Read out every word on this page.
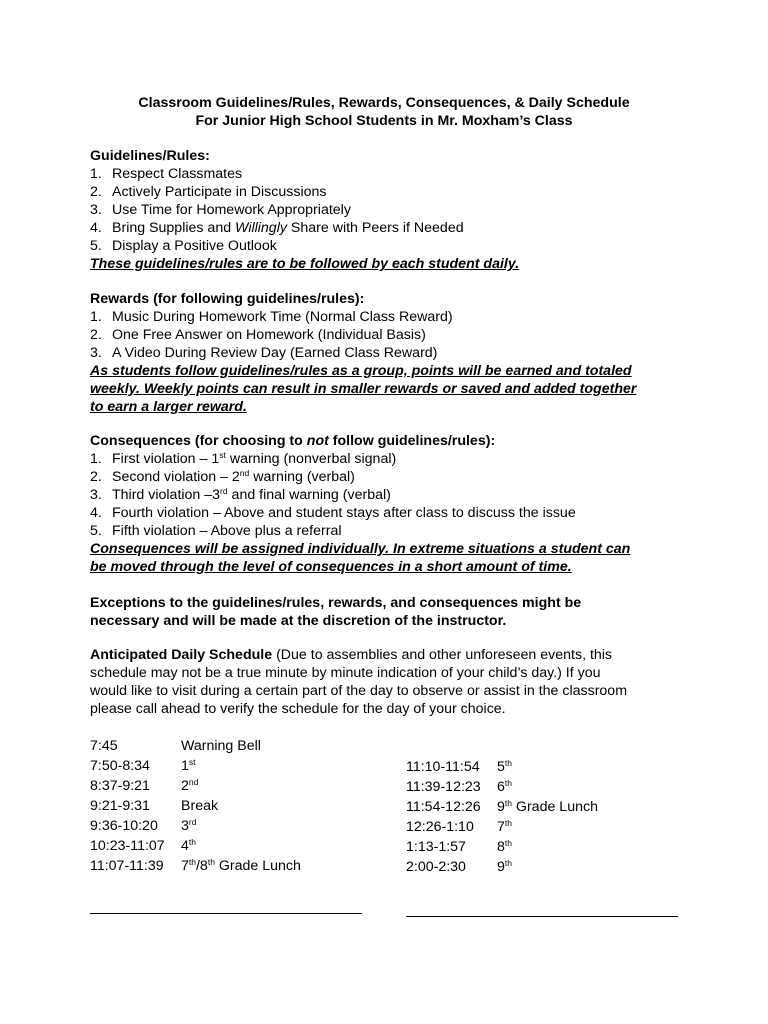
Classroom Guidelines/Rules, Rewards, Consequences, & Daily Schedule
For Junior High School Students in Mr. Moxham’s Class
Guidelines/Rules:
1. Respect Classmates
2. Actively Participate in Discussions
3. Use Time for Homework Appropriately
4. Bring Supplies and Willingly Share with Peers if Needed
5. Display a Positive Outlook
These guidelines/rules are to be followed by each student daily.
Rewards (for following guidelines/rules):
1. Music During Homework Time (Normal Class Reward)
2. One Free Answer on Homework (Individual Basis)
3. A Video During Review Day (Earned Class Reward)
As students follow guidelines/rules as a group, points will be earned and totaled
weekly. Weekly points can result in smaller rewards or saved and added together
to earn a larger reward.
Consequences (for choosing to not follow guidelines/rules):
1. First violation – 1st warning (nonverbal signal)
2. Second violation – 2nd warning (verbal)
3. Third violation –3rd and final warning (verbal)
4. Fourth violation – Above and student stays after class to discuss the issue
5. Fifth violation – Above plus a referral
Consequences will be assigned individually. In extreme situations a student can
be moved through the level of consequences in a short amount of time.
Exceptions to the guidelines/rules, rewards, and consequences might be
necessary and will be made at the discretion of the instructor.
Anticipated Daily Schedule (Due to assemblies and other unforeseen events, this
schedule may not be a true minute by minute indication of your child’s day.) If you
would like to visit during a certain part of the day to observe or assist in the classroom
please call ahead to verify the schedule for the day of your choice.
7:45	Warning Bell
7:50-8:34 1st
8:37-9:21 2nd
9:21-9:31 Break
9:36-10:20 3rd
10:23-11:07 4th
11:07-11:39 7th/8th Grade Lunch
11:10-11:54 5th
11:39-12:23 6th
11:54-12:26 9th Grade Lunch
12:26-1:10 7th
1:13-1:57 8th
2:00-2:30 9th
